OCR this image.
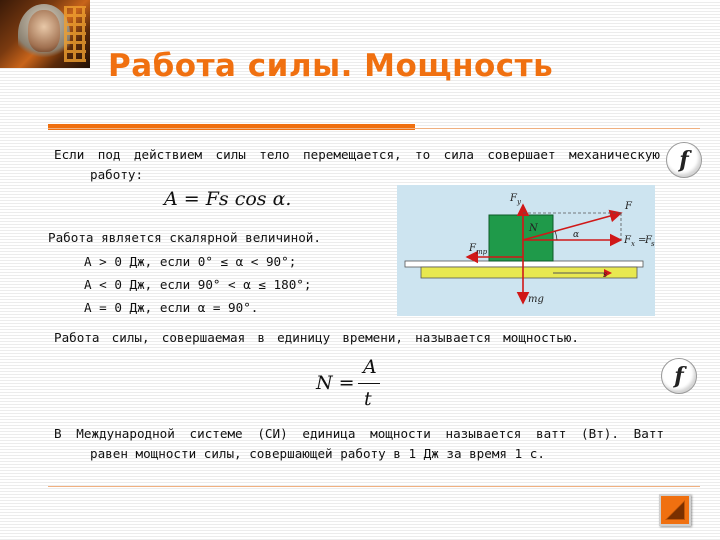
Работа силы. Мощность
f
Если под действием силы тело перемещается, то сила совершает механическую
работу:
A = Fs cos α.
Работа является скалярной величиной.
A > 0 Дж, если 0° ≤ α < 90°;
A < 0 Дж, если 90° < α ≤ 180°;
A = 0 Дж, если α = 90°.
F y	F
N
α	F x =
F s
F тр
s
mg
Работа силы, совершаемая в единицу времени, называется мощностью.
f
N =
A
t
В Международной системе (СИ) единица мощности называется ватт (Вт). Ватт
равен мощности силы, совершающей работу в 1 Дж за время 1 с.
